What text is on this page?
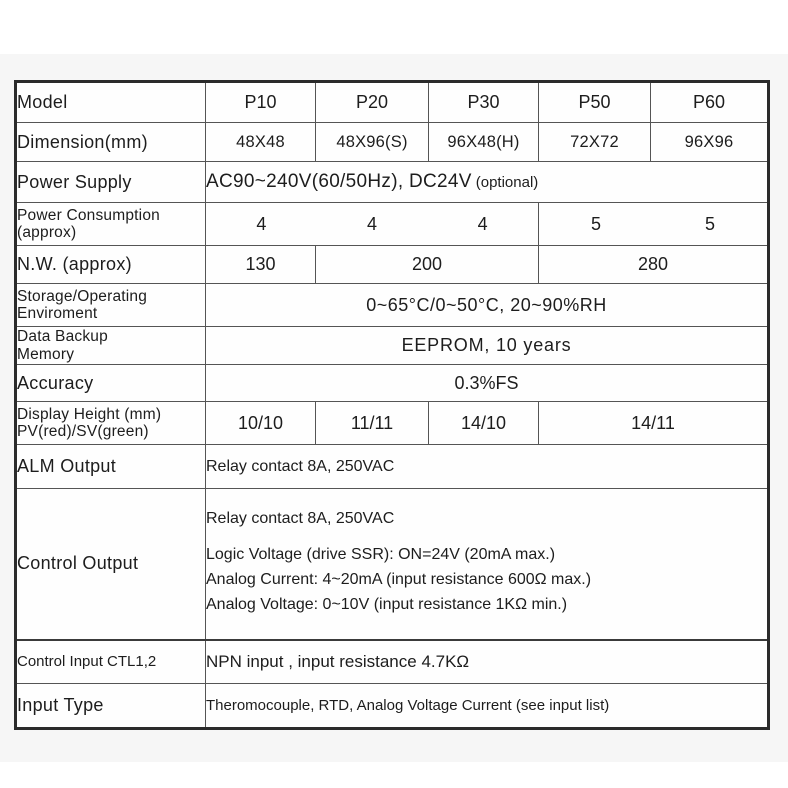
Model	P10	P20	P30	P50	P60
Dimension(mm)	48X48	48X96(S)	96X48(H)	72X72	96X96
Power Supply	AC90~240V(60/50Hz), DC24V (optional)				

Power Consumption
(approx)	4	4	4	5	5

N.W. (approx)	130	200		280	

Storage/Operating
Enviroment	0~65°C/0~50°C, 20~90%RH				

Data Backup
Memory	EEPROM, 10 years				
Accuracy	0.3%FS				

Display Height (mm)
PV(red)/SV(green)	10/10	11/11	14/10	14/11	
ALM Output	Relay contact 8A, 250VAC				
Control Output	Relay contact 8A, 250VAC
Logic Voltage (drive SSR): ON=24V (20mA max.)
Analog Current: 4~20mA (input resistance 600Ω max.)
Analog Voltage: 0~10V (input resistance 1KΩ min.)				

Control Input CTL1,2	NPN input , input resistance 4.7KΩ				
Input Type	Theromocouple, RTD, Analog Voltage Current (see input list)				
